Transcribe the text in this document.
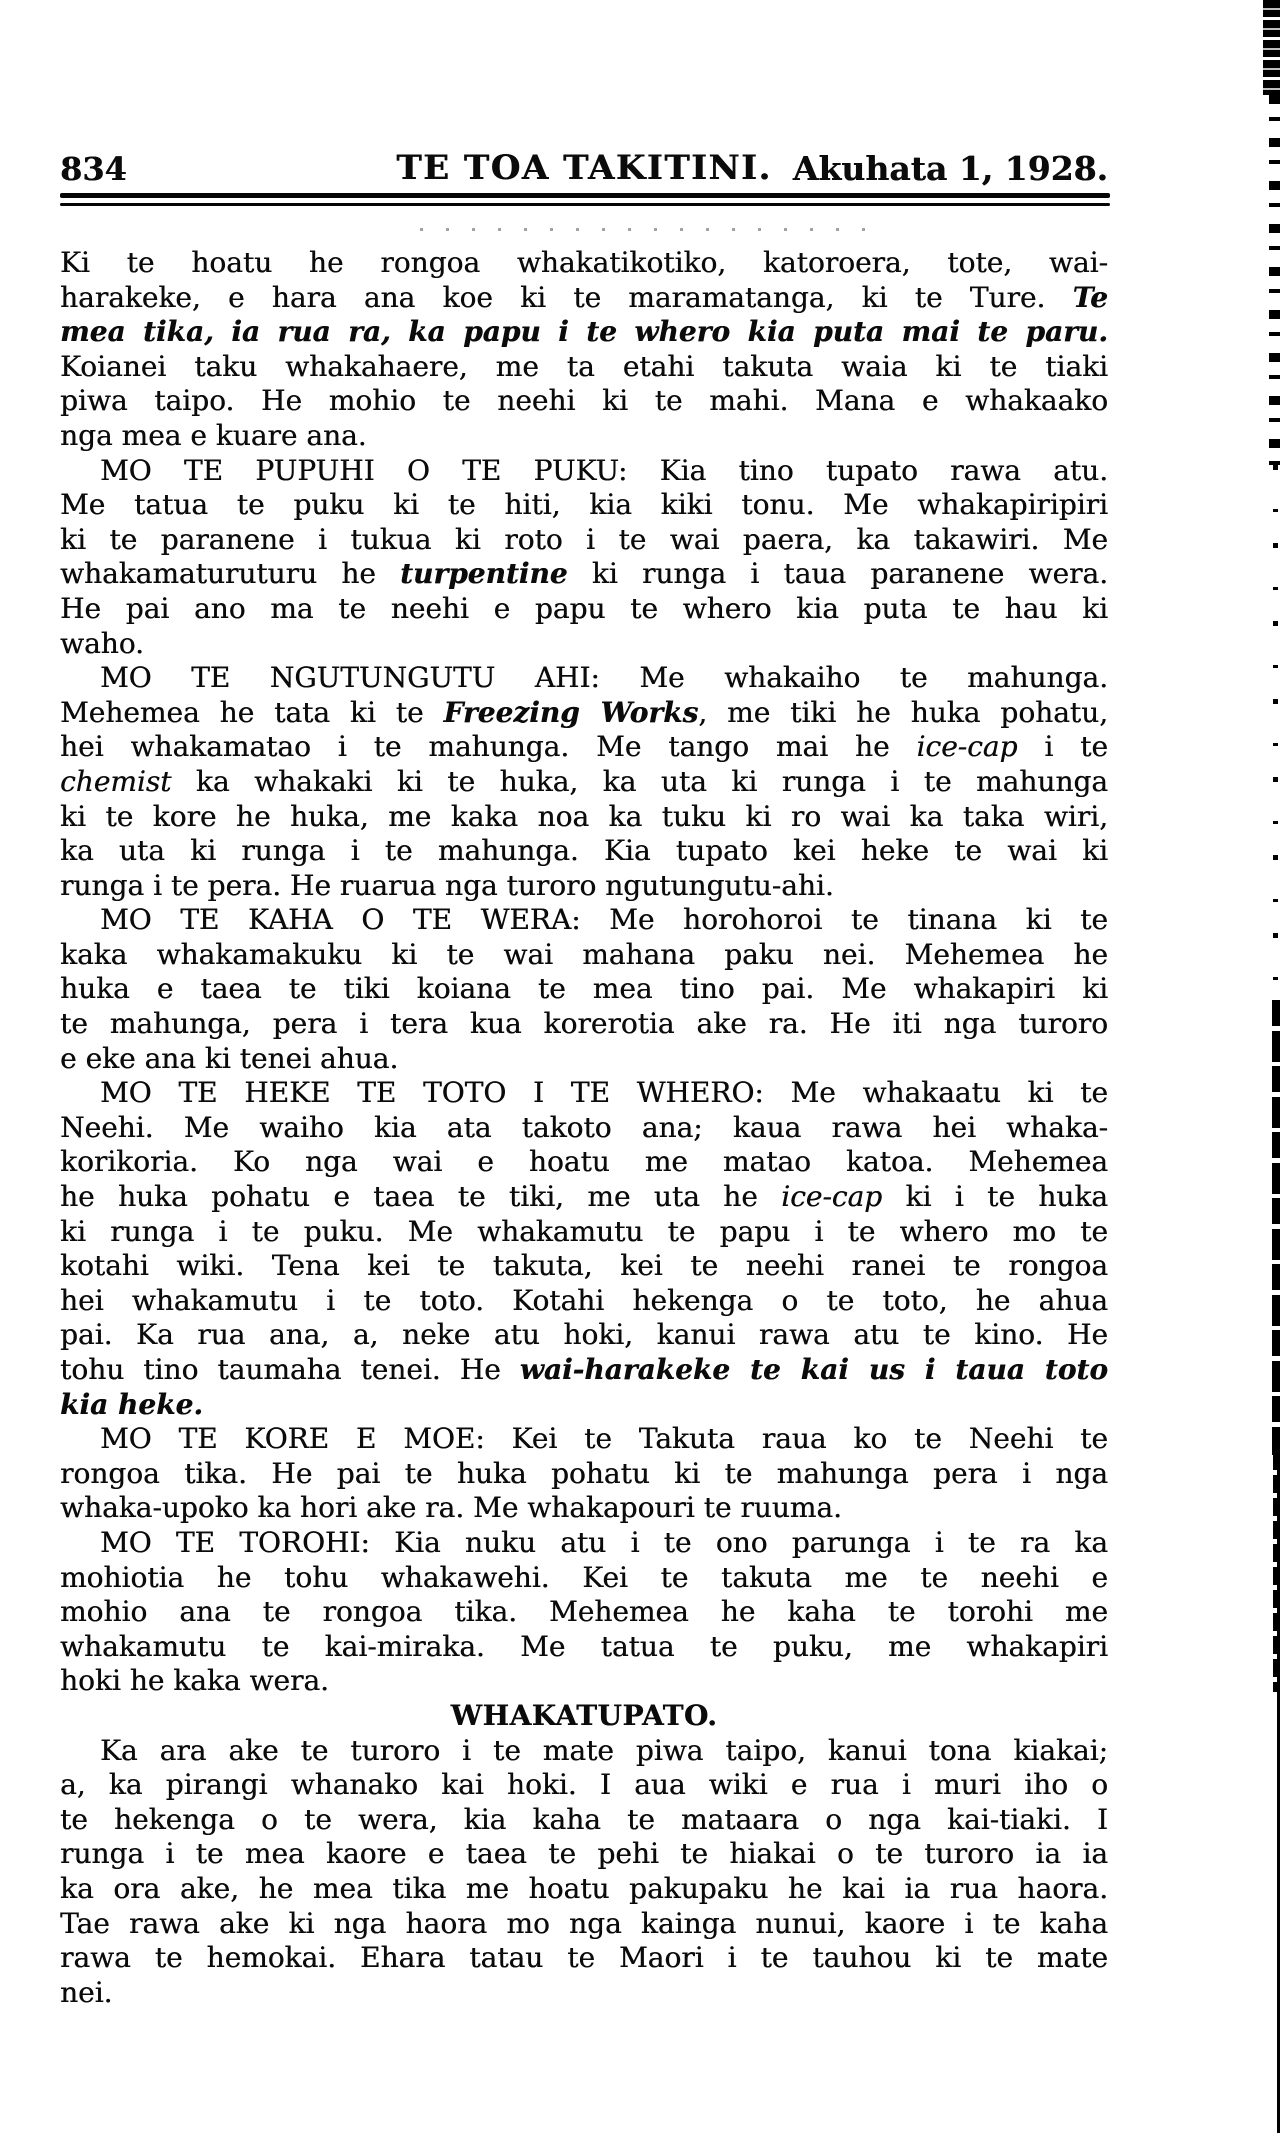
834	TE TOA TAKITINI. Akuhata 1, 1928.
Ki te hoatu he rongoa whakatikotiko, katoroera, tote, wai-
harakeke, e hara ana koe ki te maramatanga, ki te Ture. Te
mea tika, ia rua ra, ka papu i te whero kia puta mai te paru.
Koianei taku whakahaere, me ta etahi takuta waia ki te tiaki
piwa taipo. He mohio te neehi ki te mahi. Mana e whakaako
nga mea e kuare ana.
MO TE PUPUHI O TE PUKU: Kia tino tupato rawa atu.
Me tatua te puku ki te hiti, kia kiki tonu. Me whakapiripiri
ki te paranene i tukua ki roto i te wai paera, ka takawiri. Me
whakamaturuturu he turpentine ki runga i taua paranene wera.
He pai ano ma te neehi e papu te whero kia puta te hau ki
waho.
MO TE NGUTUNGUTU AHI: Me whakaiho te mahunga.
Mehemea he tata ki te Freezing Works, me tiki he huka pohatu,
hei whakamatao i te mahunga. Me tango mai he ice-cap i te
chemist ka whakaki ki te huka, ka uta ki runga i te mahunga
ki te kore he huka, me kaka noa ka tuku ki ro wai ka taka wiri,
ka uta ki runga i te mahunga. Kia tupato kei heke te wai ki
runga i te pera. He ruarua nga turoro ngutungutu-ahi.
MO TE KAHA O TE WERA: Me horohoroi te tinana ki te
kaka whakamakuku ki te wai mahana paku nei. Mehemea he
huka e taea te tiki koiana te mea tino pai. Me whakapiri ki
te mahunga, pera i tera kua korerotia ake ra. He iti nga turoro
e eke ana ki tenei ahua.
MO TE HEKE TE TOTO I TE WHERO: Me whakaatu ki te
Neehi. Me waiho kia ata takoto ana; kaua rawa hei whaka-
korikoria. Ko nga wai e hoatu me matao katoa. Mehemea
he huka pohatu e taea te tiki, me uta he ice-cap ki i te huka
ki runga i te puku. Me whakamutu te papu i te whero mo te
kotahi wiki. Tena kei te takuta, kei te neehi ranei te rongoa
hei whakamutu i te toto. Kotahi hekenga o te toto, he ahua
pai. Ka rua ana, a, neke atu hoki, kanui rawa atu te kino. He
tohu tino taumaha tenei. He wai-harakeke te kai us i taua toto
kia heke.
MO TE KORE E MOE: Kei te Takuta raua ko te Neehi te
rongoa tika. He pai te huka pohatu ki te mahunga pera i nga
whaka-upoko ka hori ake ra. Me whakapouri te ruuma.
MO TE TOROHI: Kia nuku atu i te ono parunga i te ra ka
mohiotia he tohu whakawehi. Kei te takuta me te neehi e
mohio ana te rongoa tika. Mehemea he kaha te torohi me
whakamutu te kai-miraka. Me tatua te puku, me whakapiri
hoki he kaka wera.
WHAKATUPATO.
Ka ara ake te turoro i te mate piwa taipo, kanui tona kiakai;
a, ka pirangi whanako kai hoki. I aua wiki e rua i muri iho o
te hekenga o te wera, kia kaha te mataara o nga kai-tiaki. I
runga i te mea kaore e taea te pehi te hiakai o te turoro ia ia
ka ora ake, he mea tika me hoatu pakupaku he kai ia rua haora.
Tae rawa ake ki nga haora mo nga kainga nunui, kaore i te kaha
rawa te hemokai. Ehara tatau te Maori i te tauhou ki te mate
nei.
